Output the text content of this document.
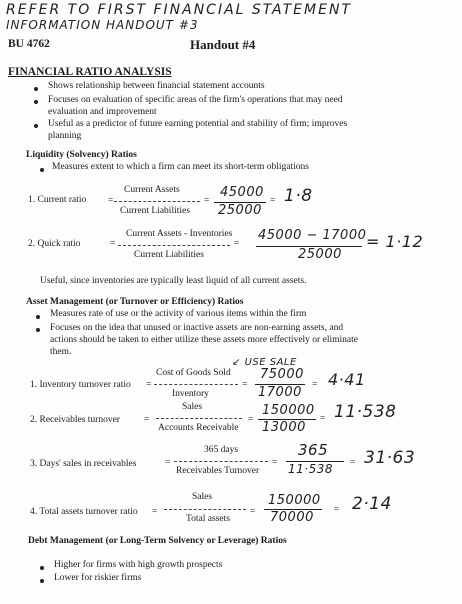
REFER TO FIRST FINANCIAL STATEMENT
INFORMATION HANDOUT #3
BU 4762	Handout #4
FINANCIAL RATIO ANALYSIS
Shows relationship between financial statement accounts
Focuses on evaluation of specific areas of the firm's operations that may need evaluation and improvement
Useful as a predictor of future earning potential and stability of firm; improves planning
Liquidity (Solvency) Ratios
Measures extent to which a firm can meet its short-term obligations
1. Current ratio =
Current Assets
Current Liabilities
=
45000
25000
= 1·8
2. Quick ratio	=
Current Assets - Inventories
Current Liabilities
=
45000 − 17000
25000
= 1·12
Useful, since inventories are typically least liquid of all current assets.
Asset Management (or Turnover or Efficiency) Ratios
Measures rate of use or the activity of various items within the firm
Focuses on the idea that unused or inactive assets are non-earning assets, and actions should be taken to either utilize these assets more effectively or eliminate them.
↙ USE SALE
1. Inventory turnover ratio =
Cost of Goods Sold
Inventory
=
75000
17000 = 4·41
2. Receivables turnover	=
Sales
Accounts Receivable
=
150000
13000
= 11·538
3. Days' sales in receivables	=
365 days
Receivables Turnover
=
365
11·538 = 31·63
4. Total assets turnover ratio =
Sales
Total assets
=
150000
70000 = 2·14
Debt Management (or Long-Term Solvency or Leverage) Ratios
Higher for firms with high growth prospects
Lower for riskier firms
